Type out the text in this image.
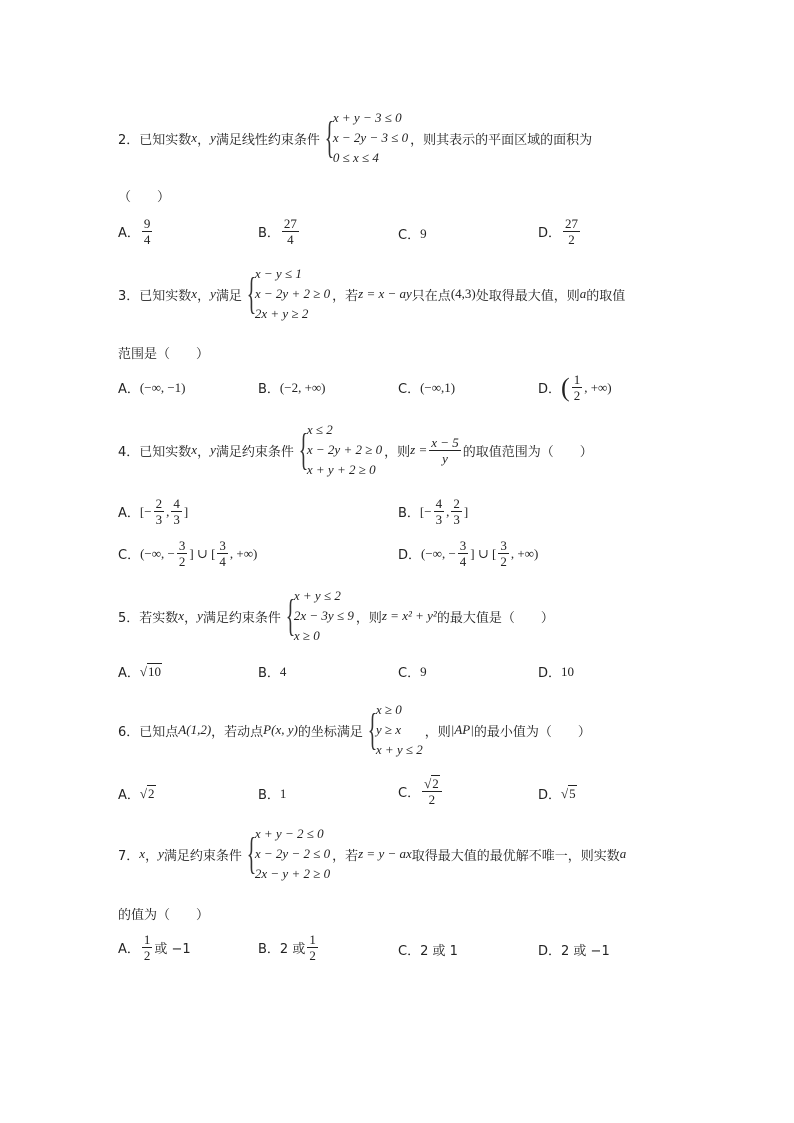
2． 已知实数 x ， y 满足线性约束条件 {
x + y − 3 ≤ 0
x − 2y − 3 ≤ 0
0 ≤ x ≤ 4
，则其表示的平面区域的面积为
（　　）
A． $\frac{9}{4}$	B． $\frac{27}{4}$	C． 9	D． $\frac{27}{2}$
3． 已知实数 x ， y 满足 {
x − y ≤ 1
x − 2y + 2 ≥ 0
2x + y ≥ 2
，若 z = x − ay 只在点 (4,3) 处取得最大值，则 a 的取值
范围是（　　）
A． (−∞, −1)	B． (−2, +∞)	C． (−∞,1)	D． ( $\frac{1}{2}$ , +∞)
4． 已知实数 x ， y 满足约束条件 {
x ≤ 2
x − 2y + 2 ≥ 0
x + y + 2 ≥ 0
，则 $z = \frac{x - 5}{y}$ 的取值范围为（　　）
A． [− $\frac{2}{3}$ , $\frac{4}{3}$ ]	B． [− $\frac{4}{3}$ , $\frac{2}{3}$ ]
C． (−∞, − $\frac{3}{2}$ ] ∪ [ $\frac{3}{4}$ , +∞)	D． (−∞, − $\frac{3}{4}$ ] ∪ [ $\frac{3}{2}$ , +∞)
5． 若实数 x ， y 满足约束条件 {
x + y ≤ 2
2x − 3y ≤ 9
x ≥ 0
，则 z = x² + y² 的最大值是（　　）
A． √10	B． 4	C． 9	D． 10
6． 已知点 A(1,2) ，若动点 P(x, y) 的坐标满足 {
x ≥ 0
y ≥ x
x + y ≤ 2
，则 |AP| 的最小值为（　　）
A． √2	B． 1	C． $\frac{√2}{2}$	D． √5
7． x ， y 满足约束条件 {
x + y − 2 ≤ 0
x − 2y − 2 ≤ 0
2x − y + 2 ≥ 0
，若 z = y − ax 取得最大值的最优解不唯一，则实数 a
的值为（　　）
A． $\frac{1}{2}$ 或 −1	B． 2 或 $\frac{1}{2}$	C． 2 或 1	D． 2 或 −1
